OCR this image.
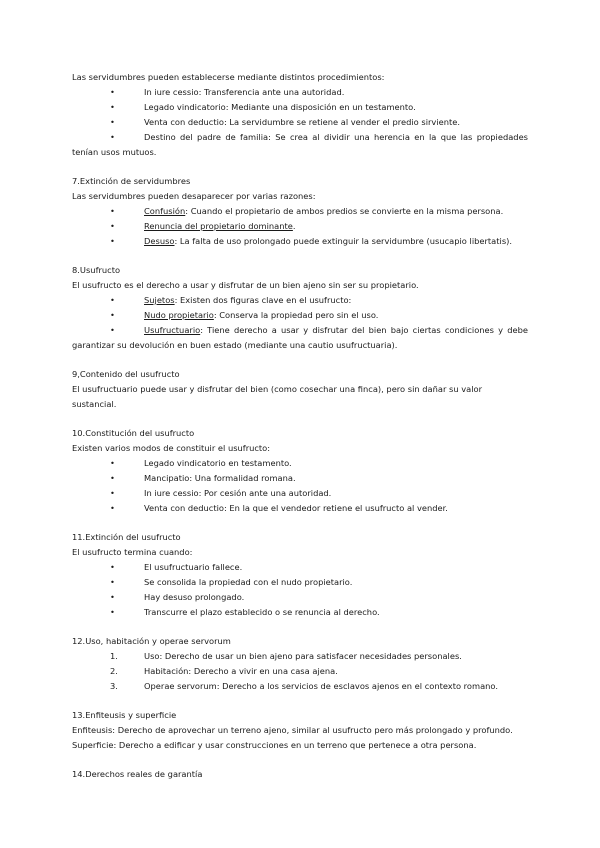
Las servidumbres pueden establecerse mediante distintos procedimientos:

•	In iure cessio: Transferencia ante una autoridad.
•	Legado vindicatorio: Mediante una disposición en un testamento.
•	Venta con deductio: La servidumbre se retiene al vender el predio sirviente.
•	Destino del padre de familia: Se crea al dividir una herencia en la que las propiedades

tenían usos mutuos.

7.Extinción de servidumbres

Las servidumbres pueden desaparecer por varias razones:

•	Confusión: Cuando el propietario de ambos predios se convierte en la misma persona.
•	Renuncia del propietario dominante.
•	Desuso: La falta de uso prolongado puede extinguir la servidumbre (usucapio libertatis).

8.Usufructo

El usufructo es el derecho a usar y disfrutar de un bien ajeno sin ser su propietario.

•	Sujetos: Existen dos figuras clave en el usufructo:
•	Nudo propietario: Conserva la propiedad pero sin el uso.
•	Usufructuario: Tiene derecho a usar y disfrutar del bien bajo ciertas condiciones y debe

garantizar su devolución en buen estado (mediante una cautio usufructuaria).

9,Contenido del usufructo

El usufructuario puede usar y disfrutar del bien (como cosechar una finca), pero sin dañar su valor

sustancial.

10.Constitución del usufructo

Existen varios modos de constituir el usufructo:

•	Legado vindicatorio en testamento.
•	Mancipatio: Una formalidad romana.
•	In iure cessio: Por cesión ante una autoridad.
•	Venta con deductio: En la que el vendedor retiene el usufructo al vender.

11.Extinción del usufructo

El usufructo termina cuando:

•	El usufructuario fallece.
•	Se consolida la propiedad con el nudo propietario.
•	Hay desuso prolongado.
•	Transcurre el plazo establecido o se renuncia al derecho.

12.Uso, habitación y operae servorum

1.	Uso: Derecho de usar un bien ajeno para satisfacer necesidades personales.
2.	Habitación: Derecho a vivir en una casa ajena.
3.	Operae servorum: Derecho a los servicios de esclavos ajenos en el contexto romano.

13.Enfiteusis y superficie

Enfiteusis: Derecho de aprovechar un terreno ajeno, similar al usufructo pero más prolongado y profundo.

Superficie: Derecho a edificar y usar construcciones en un terreno que pertenece a otra persona.

14.Derechos reales de garantía
